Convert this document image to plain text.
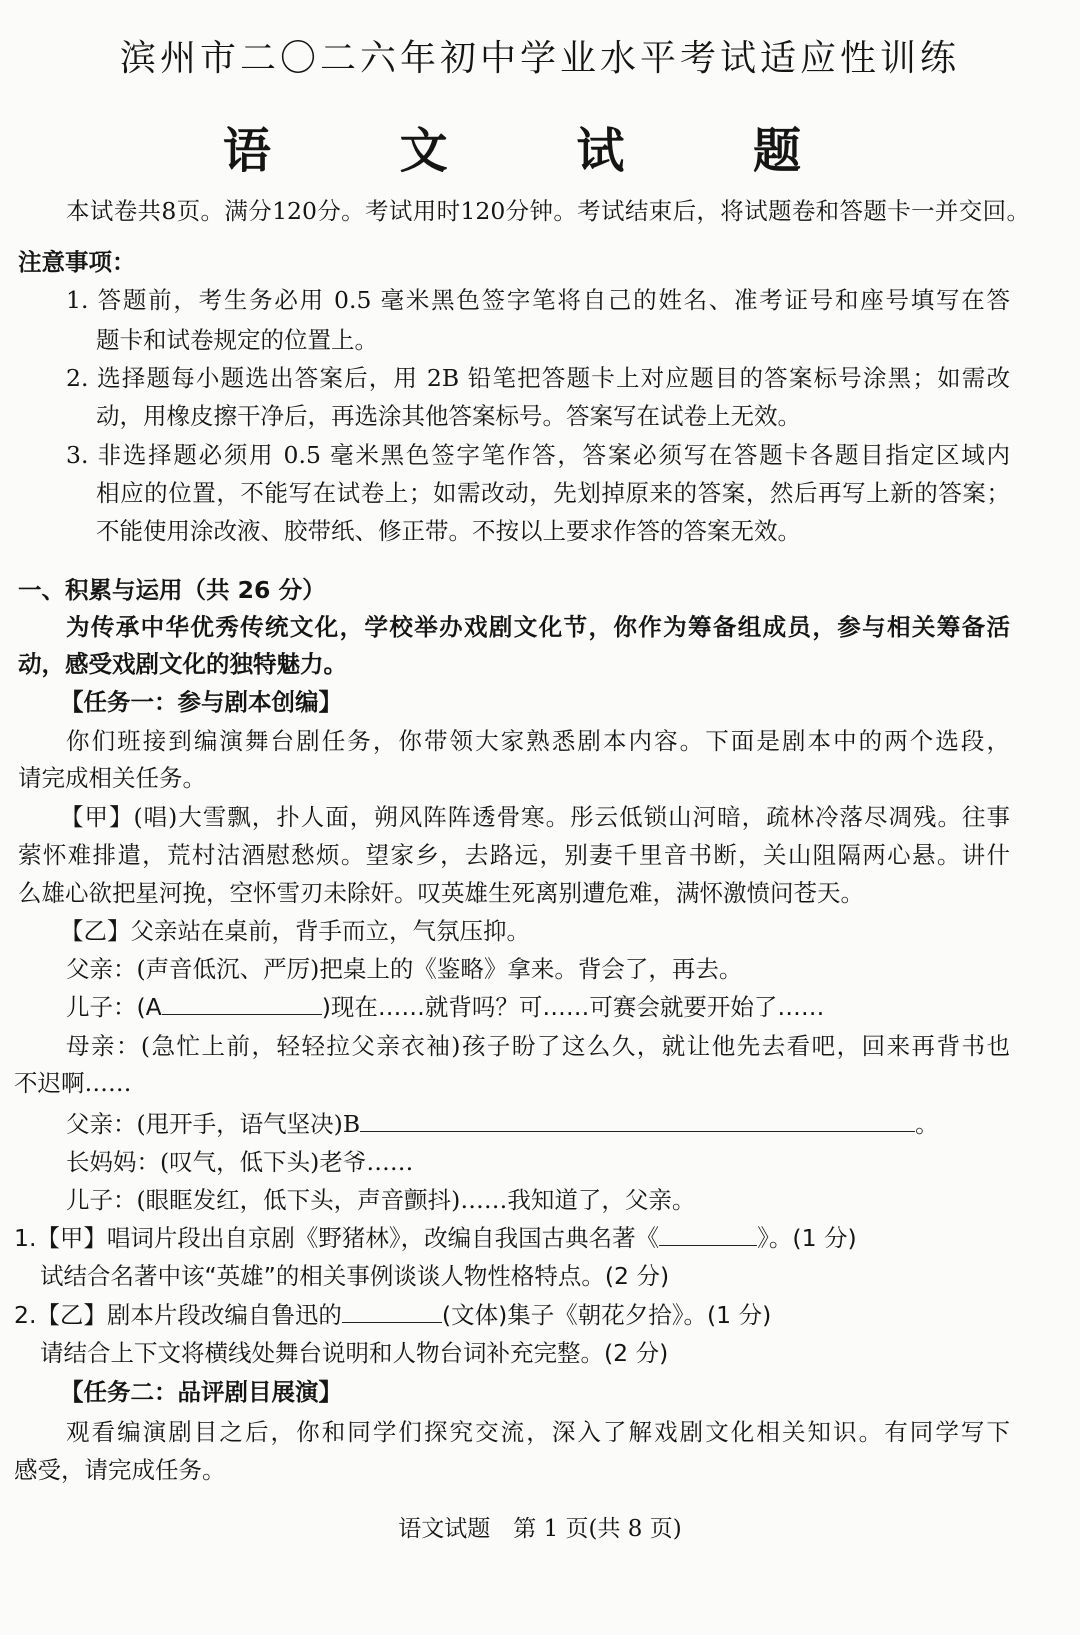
滨州市二〇二六年初中学业水平考试适应性训练
语 文 试 题
本试卷共8页。满分120分。考试用时120分钟。考试结束后，将试题卷和答题卡一并交回。
注意事项：
1. 答题前，考生务必用 0.5 毫米黑色签字笔将自己的姓名、准考证号和座号填写在答
题卡和试卷规定的位置上。
2. 选择题每小题选出答案后，用 2B 铅笔把答题卡上对应题目的答案标号涂黑；如需改
动，用橡皮擦干净后，再选涂其他答案标号。答案写在试卷上无效。
3. 非选择题必须用 0.5 毫米黑色签字笔作答，答案必须写在答题卡各题目指定区域内
相应的位置，不能写在试卷上；如需改动，先划掉原来的答案，然后再写上新的答案；
不能使用涂改液、胶带纸、修正带。不按以上要求作答的答案无效。
一、积累与运用（共 26 分）
为传承中华优秀传统文化，学校举办戏剧文化节，你作为筹备组成员，参与相关筹备活
动，感受戏剧文化的独特魅力。
【任务一：参与剧本创编】
你们班接到编演舞台剧任务，你带领大家熟悉剧本内容。下面是剧本中的两个选段，
请完成相关任务。
【甲】(唱)大雪飘，扑人面，朔风阵阵透骨寒。彤云低锁山河暗，疏林冷落尽凋残。往事
萦怀难排遣，荒村沽酒慰愁烦。望家乡，去路远，别妻千里音书断，关山阻隔两心悬。讲什
么雄心欲把星河挽，空怀雪刃未除奸。叹英雄生死离别遭危难，满怀激愤问苍天。
【乙】父亲站在桌前，背手而立，气氛压抑。
父亲：(声音低沉、严厉)把桌上的《鉴略》拿来。背会了，再去。
儿子：(A	)现在……就背吗？可……可赛会就要开始了……
母亲：(急忙上前，轻轻拉父亲衣袖)孩子盼了这么久，就让他先去看吧，回来再背书也
不迟啊……
父亲：(甩开手，语气坚决)B	。
长妈妈：(叹气，低下头)老爷……
儿子：(眼眶发红，低下头，声音颤抖)……我知道了，父亲。
1.【甲】唱词片段出自京剧《野猪林》，改编自我国古典名著《	》。(1 分)
试结合名著中该“英雄”的相关事例谈谈人物性格特点。(2 分)
2.【乙】剧本片段改编自鲁迅的	(文体)集子《朝花夕拾》。(1 分)
请结合上下文将横线处舞台说明和人物台词补充完整。(2 分)
【任务二：品评剧目展演】
观看编演剧目之后，你和同学们探究交流，深入了解戏剧文化相关知识。有同学写下
感受，请完成任务。
语文试题　第 1 页(共 8 页)
